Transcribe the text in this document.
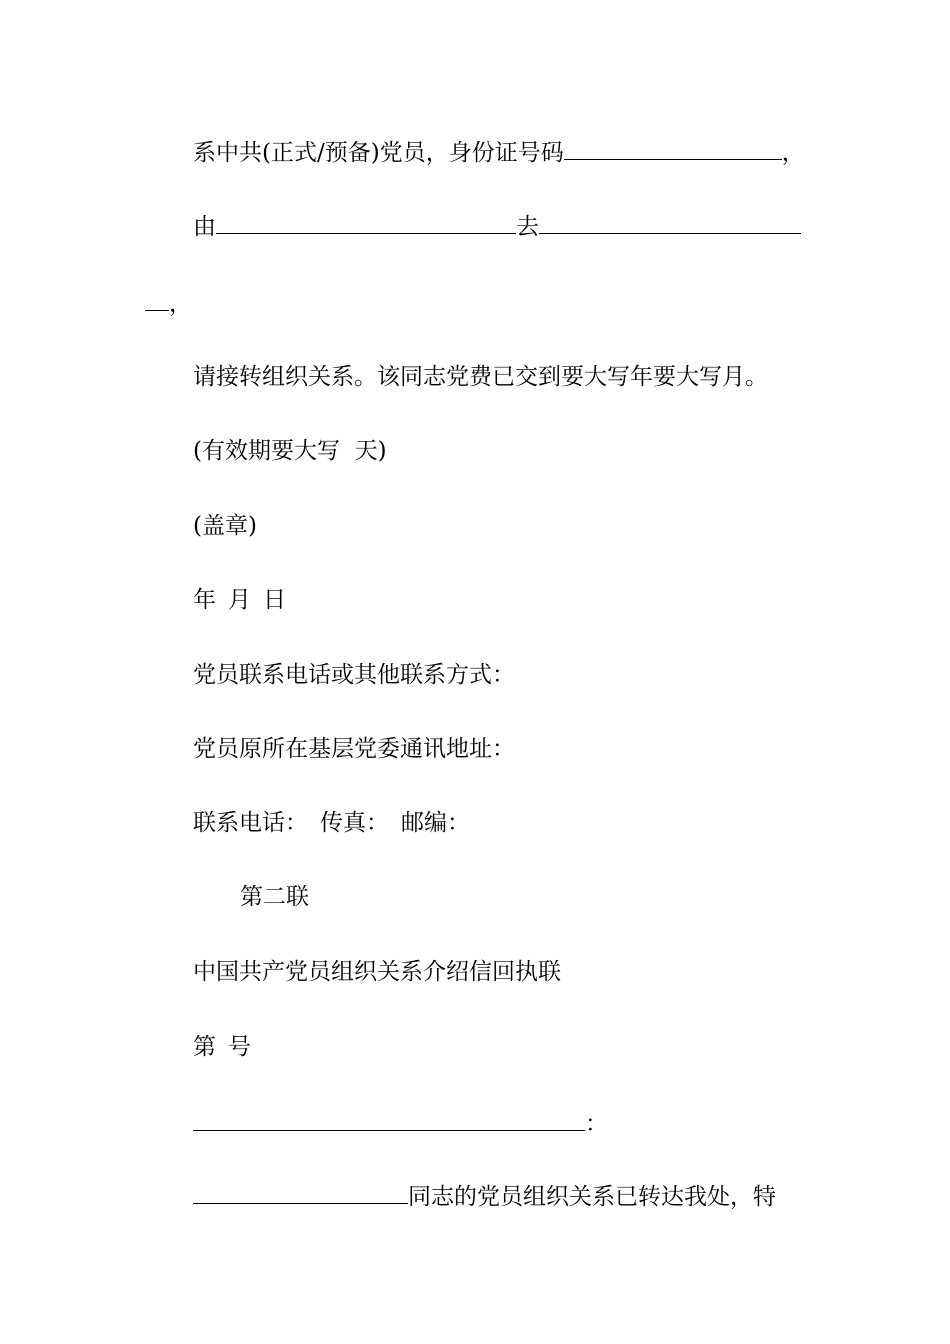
系中共(正式/预备)党员，身份证号码	，
由	去
，
请接转组织关系。该同志党费已交到要大写年要大写月。
(有效期要大写  天)
(盖章)
年 月 日
党员联系电话或其他联系方式：
党员原所在基层党委通讯地址：
联系电话： 传真： 邮编：
第二联
中国共产党员组织关系介绍信回执联
第 号
：
同志的党员组织关系已转达我处，特
